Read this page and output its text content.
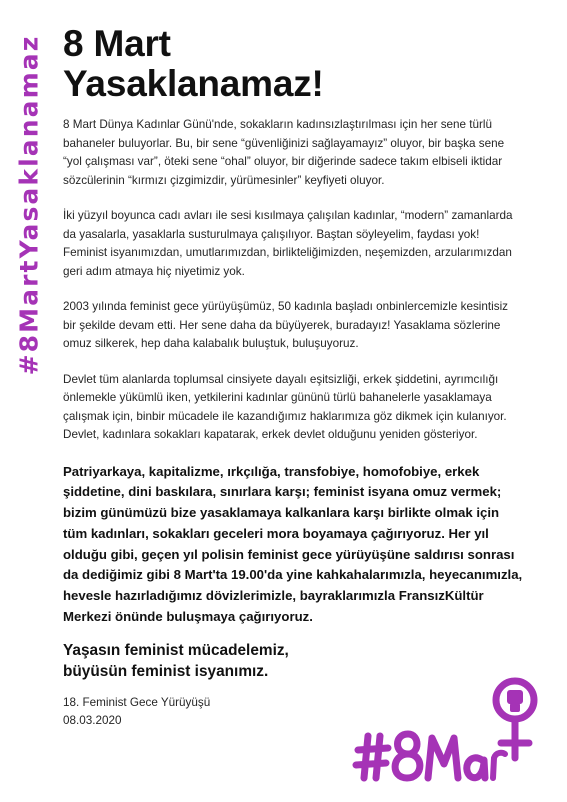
#8MartYasaklanamaz 8 Mart
Yasaklanamaz!

8 Mart Dünya Kadınlar Günü'nde, sokakların kadınsızlaştırılması için her sene türlü bahaneler buluyorlar. Bu, bir sene “güvenliğinizi sağlayamayız” oluyor, bir başka sene “yol çalışması var”, öteki sene “ohal” oluyor, bir diğerinde sadece takım elbiseli iktidar sözcülerinin “kırmızı çizgimizdir, yürümesinler” keyfiyeti oluyor.

İki yüzyıl boyunca cadı avları ile sesi kısılmaya çalışılan kadınlar, “modern” zamanlarda da yasalarla, yasaklarla susturulmaya çalışılıyor. Baştan söyleyelim, faydası yok! Feminist isyanımızdan, umutlarımızdan, birlikteliğimizden, neşemizden, arzularımızdan geri adım atmaya hiç niyetimiz yok.

2003 yılında feminist gece yürüyüşümüz, 50 kadınla başladı onbinlercemizle kesintisiz bir şekilde devam etti. Her sene daha da büyüyerek, buradayız! Yasaklama sözlerine omuz silkerek, hep daha kalabalık buluştuk, buluşuyoruz.

Devlet tüm alanlarda toplumsal cinsiyete dayalı eşitsizliği, erkek şiddetini, ayrımcılığı önlemekle yükümlü iken, yetkilerini kadınlar gününü türlü bahanelerle yasaklamaya çalışmak için, binbir mücadele ile kazandığımız haklarımıza göz dikmek için kulanıyor. Devlet, kadınlara sokakları kapatarak, erkek devlet olduğunu yeniden gösteriyor.

Patriyarkaya, kapitalizme, ırkçılığa, transfobiye, homofobiye, erkek şiddetine, dini baskılara, sınırlara karşı; feminist isyana omuz vermek; bizim günümüzü bize yasaklamaya kalkanlara karşı birlikte olmak için tüm kadınları, sokakları geceleri mora boyamaya çağırıyoruz. Her yıl olduğu gibi, geçen yıl polisin feminist gece yürüyüşüne saldırısı sonrası da dediğimiz gibi 8 Mart'ta 19.00'da yine kahkahalarımızla, heyecanımızla, hevesle hazırladığımız dövizlerimizle, bayraklarımızla FransızKültür Merkezi önünde buluşmaya çağırıyoruz.

Yaşasın feminist mücadelemiz,
büyüsün feminist isyanımız.

18. Feminist Gece Yürüyüşü
08.03.2020
